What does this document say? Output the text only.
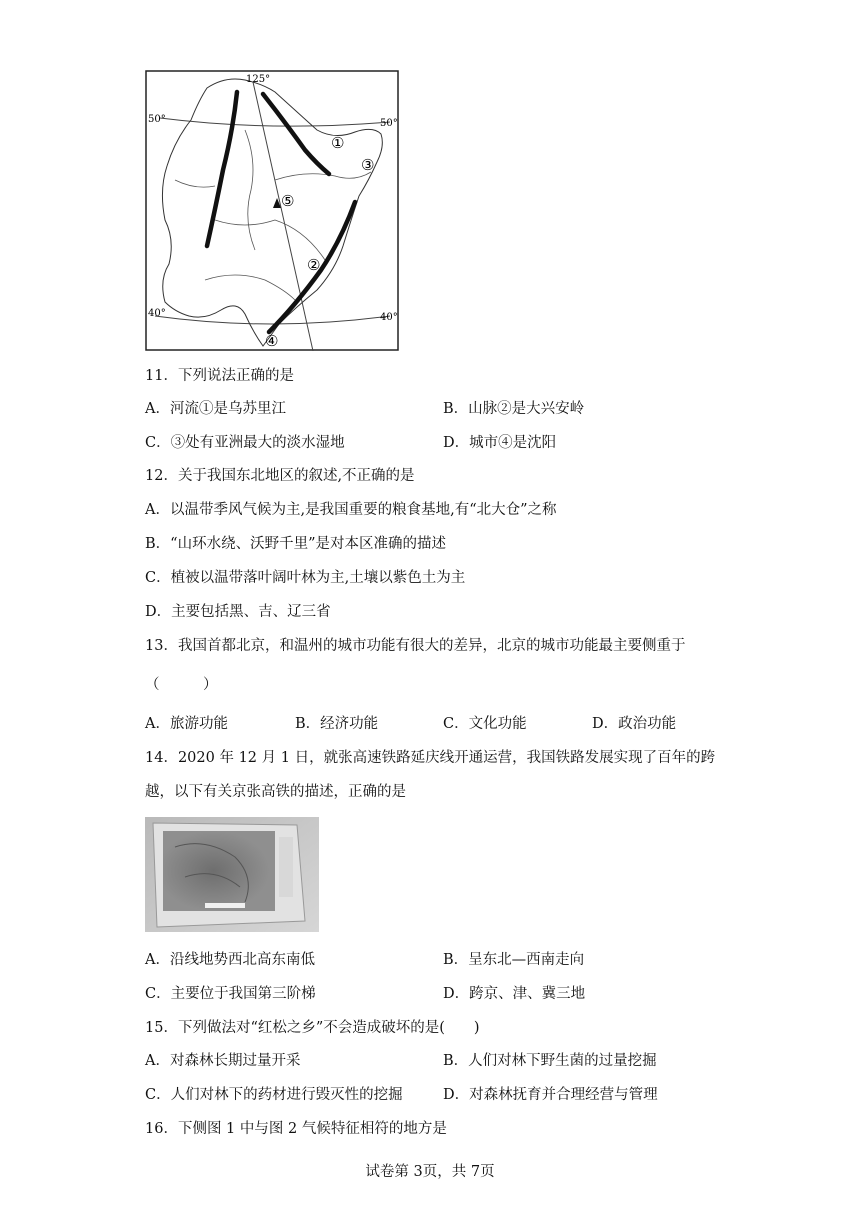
125°
50°	50°
40°	40°
①
②
③
④
⑤
11．下列说法正确的是
A．河流①是乌苏里江	B．山脉②是大兴安岭
C．③处有亚洲最大的淡水湿地	D．城市④是沈阳
12．关于我国东北地区的叙述,不正确的是
A．以温带季风气候为主,是我国重要的粮食基地,有“北大仓”之称
B．“山环水绕、沃野千里”是对本区准确的描述
C．植被以温带落叶阔叶林为主,土壤以紫色土为主
D．主要包括黑、吉、辽三省
13．我国首都北京，和温州的城市功能有很大的差异，北京的城市功能最主要侧重于
（　　　）
A．旅游功能	B．经济功能	C．文化功能	D．政治功能
14．2020 年 12 月 1 日，就张高速铁路延庆线开通运营，我国铁路发展实现了百年的跨
越，以下有关京张高铁的描述，正确的是
A．沿线地势西北高东南低	B．呈东北—西南走向
C．主要位于我国第三阶梯	D．跨京、津、冀三地
15．下列做法对“红松之乡”不会造成破坏的是(　　)
A．对森林长期过量开采	B．人们对林下野生菌的过量挖掘
C．人们对林下的药材进行毁灭性的挖掘	D．对森林抚育并合理经营与管理
16．下侧图 1 中与图 2 气候特征相符的地方是
试卷第 3页，共 7页
